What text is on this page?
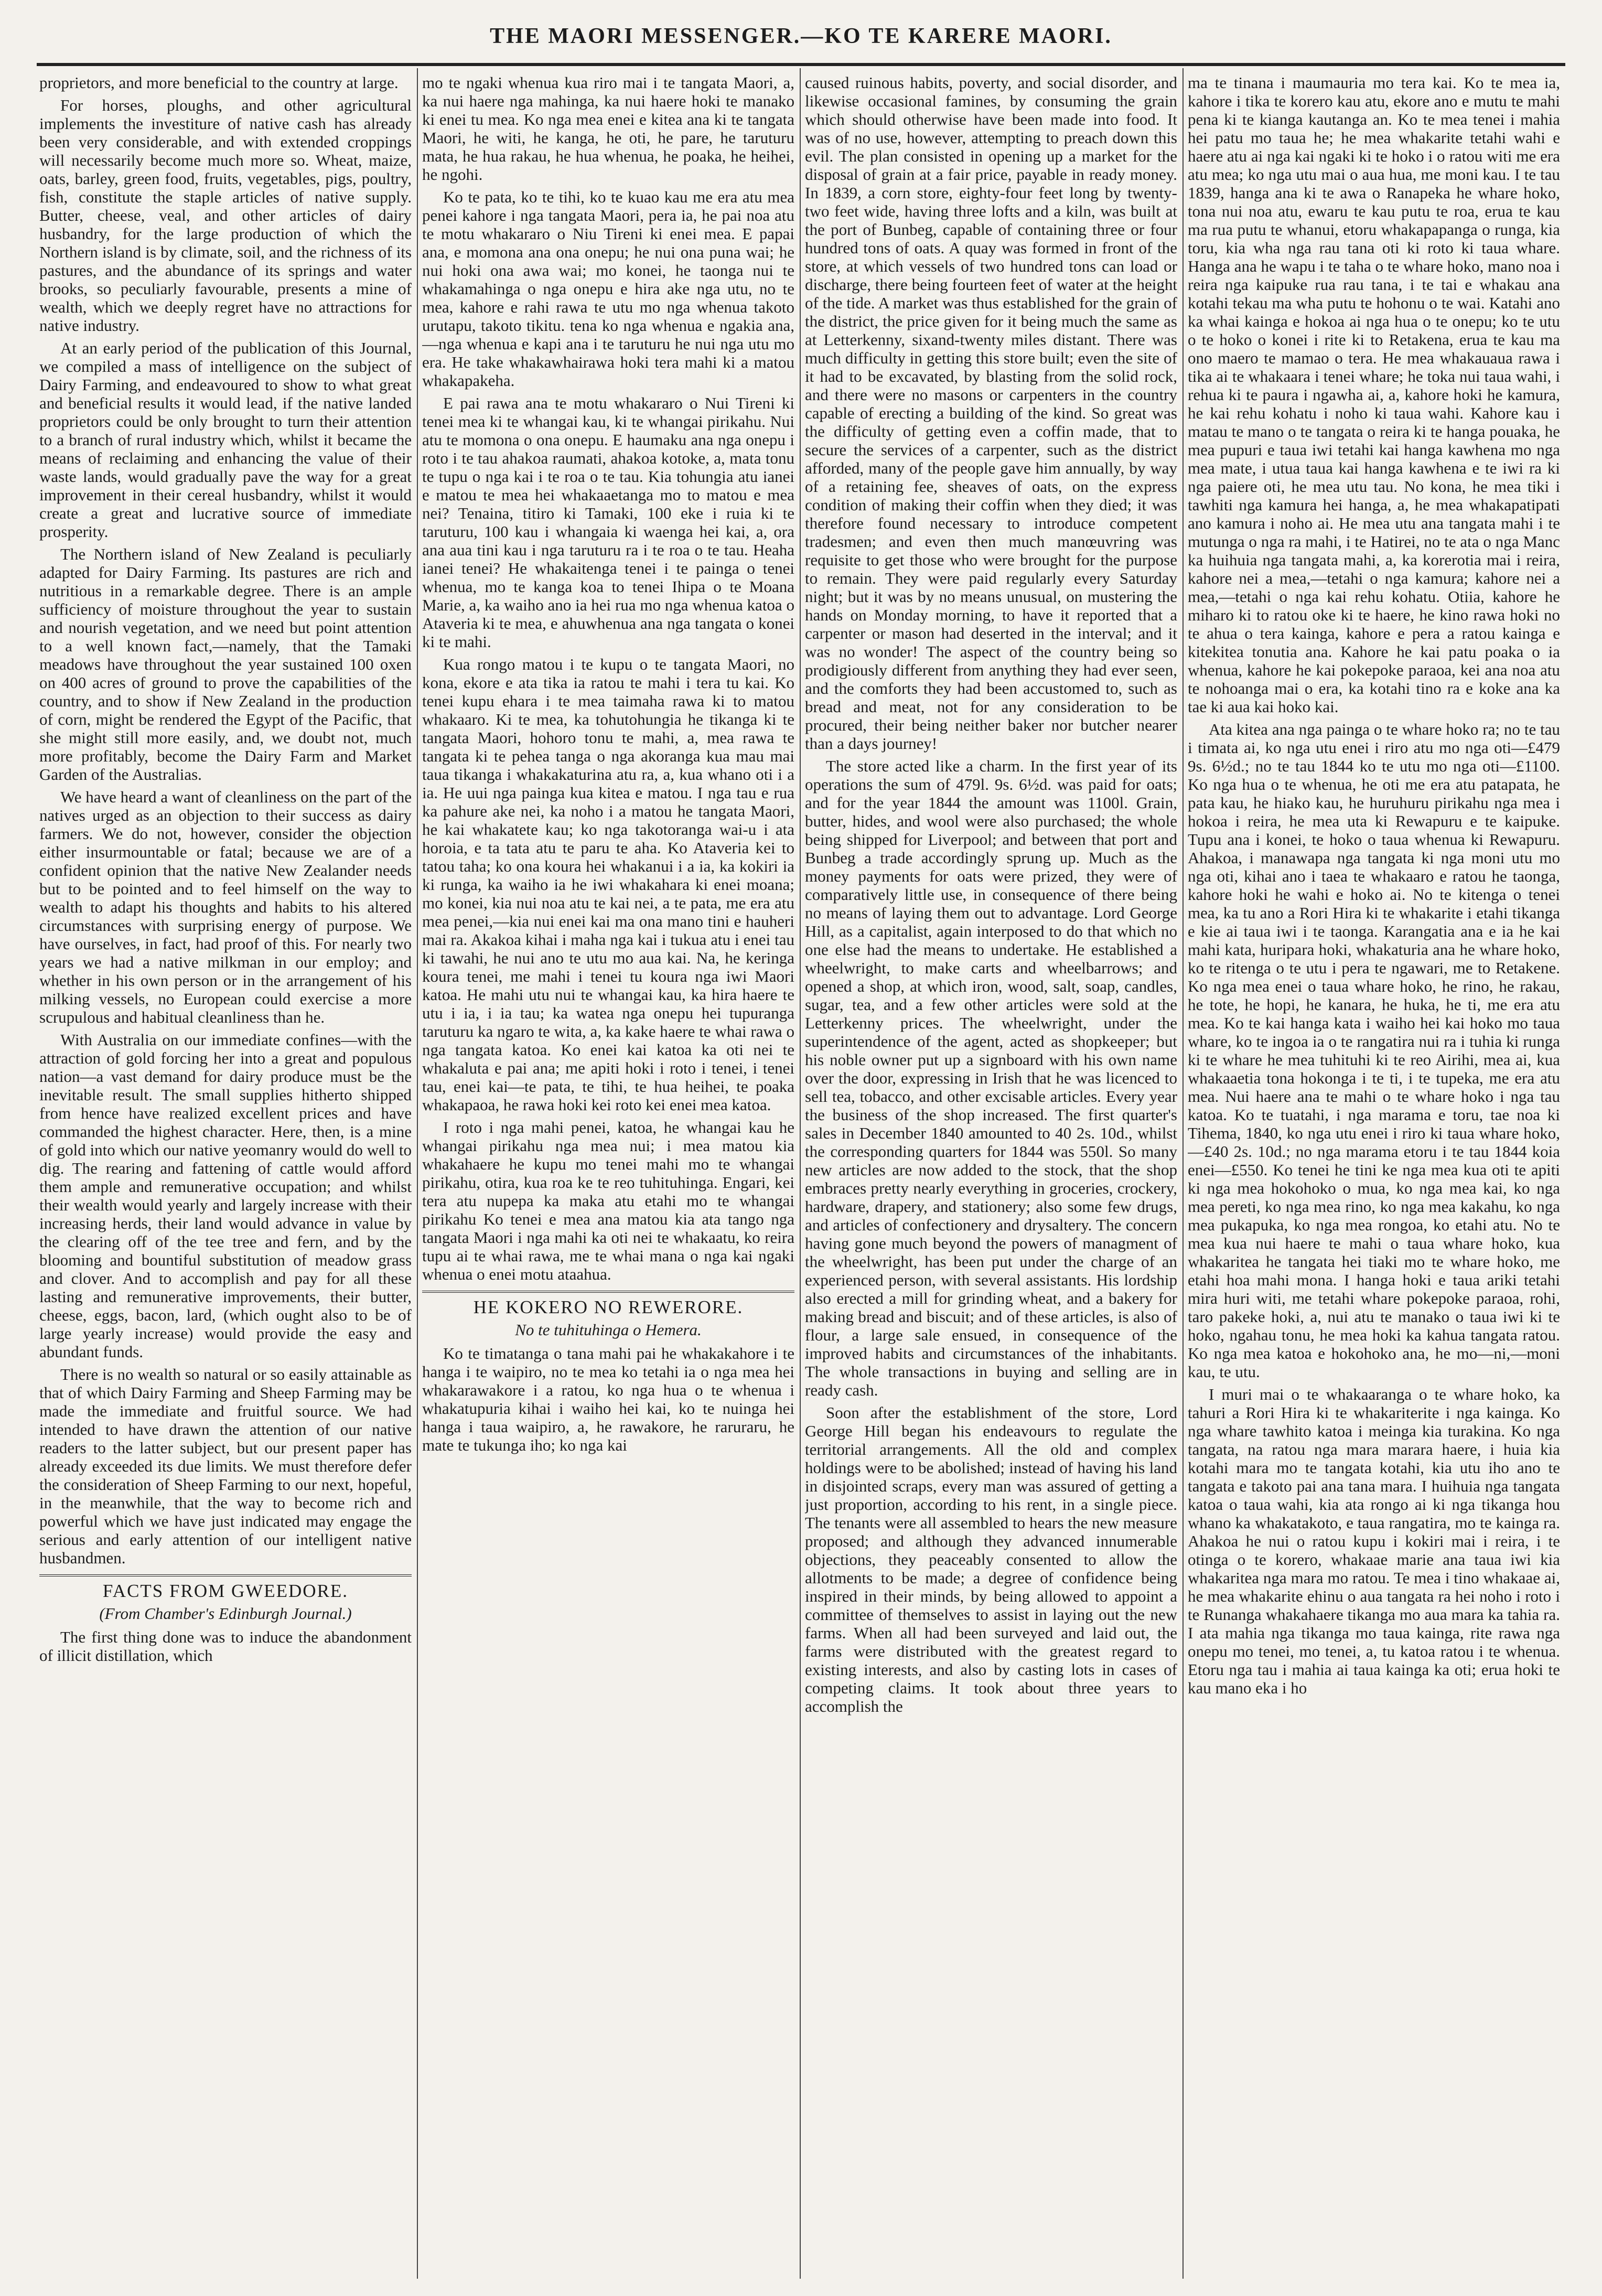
THE MAORI MESSENGER.—KO TE KARERE MAORI.

proprietors, and more beneficial to the country at large.

For horses, ploughs, and other agricultural implements the investiture of native cash has already been very considerable, and with extended croppings will necessarily become much more so. Wheat, maize, oats, barley, green food, fruits, vegetables, pigs, poultry, fish, constitute the staple articles of native supply. Butter, cheese, veal, and other articles of dairy husbandry, for the large production of which the Northern island is by climate, soil, and the richness of its pastures, and the abundance of its springs and water brooks, so peculiarly favourable, presents a mine of wealth, which we deeply regret have no attractions for native industry.

At an early period of the publication of this Journal, we compiled a mass of intelligence on the subject of Dairy Farming, and endeavoured to show to what great and beneficial results it would lead, if the native landed proprietors could be only brought to turn their attention to a branch of rural industry which, whilst it became the means of reclaiming and enhancing the value of their waste lands, would gradually pave the way for a great improvement in their cereal husbandry, whilst it would create a great and lucrative source of immediate prosperity.

The Northern island of New Zealand is peculiarly adapted for Dairy Farming. Its pastures are rich and nutritious in a remarkable degree. There is an ample sufficiency of moisture throughout the year to sustain and nourish vegetation, and we need but point attention to a well known fact,—namely, that the Tamaki meadows have throughout the year sustained 100 oxen on 400 acres of ground to prove the capabilities of the country, and to show if New Zealand in the production of corn, might be rendered the Egypt of the Pacific, that she might still more easily, and, we doubt not, much more profitably, become the Dairy Farm and Market Garden of the Australias.

We have heard a want of cleanliness on the part of the natives urged as an objection to their success as dairy farmers. We do not, however, consider the objection either insurmountable or fatal; because we are of a confident opinion that the native New Zealander needs but to be pointed and to feel himself on the way to wealth to adapt his thoughts and habits to his altered circumstances with surprising energy of purpose. We have ourselves, in fact, had proof of this. For nearly two years we had a native milkman in our employ; and whether in his own person or in the arrangement of his milking vessels, no European could exercise a more scrupulous and habitual cleanliness than he.

With Australia on our immediate confines—with the attraction of gold forcing her into a great and populous nation—a vast demand for dairy produce must be the inevitable result. The small supplies hitherto shipped from hence have realized excellent prices and have commanded the highest character. Here, then, is a mine of gold into which our native yeomanry would do well to dig. The rearing and fattening of cattle would afford them ample and remunerative occupation; and whilst their wealth would yearly and largely increase with their increasing herds, their land would advance in value by the clearing off of the tee tree and fern, and by the blooming and bountiful substitution of meadow grass and clover. And to accomplish and pay for all these lasting and remunerative improvements, their butter, cheese, eggs, bacon, lard, (which ought also to be of large yearly increase) would provide the easy and abundant funds.

There is no wealth so natural or so easily attainable as that of which Dairy Farming and Sheep Farming may be made the immediate and fruitful source. We had intended to have drawn the attention of our native readers to the latter subject, but our present paper has already exceeded its due limits. We must therefore defer the consideration of Sheep Farming to our next, hopeful, in the meanwhile, that the way to become rich and powerful which we have just indicated may engage the serious and early attention of our intelligent native husbandmen.

FACTS FROM GWEEDORE.
(From Chamber's Edinburgh Journal.)

The first thing done was to induce the abandonment of illicit distillation, which

mo te ngaki whenua kua riro mai i te tangata Maori, a, ka nui haere nga mahinga, ka nui haere hoki te manako ki enei tu mea. Ko nga mea enei e kitea ana ki te tangata Maori, he witi, he kanga, he oti, he pare, he taruturu mata, he hua rakau, he hua whenua, he poaka, he heihei, he ngohi.

Ko te pata, ko te tihi, ko te kuao kau me era atu mea penei kahore i nga tangata Maori, pera ia, he pai noa atu te motu whakararo o Niu Tireni ki enei mea. E papai ana, e momona ana ona onepu; he nui ona puna wai; he nui hoki ona awa wai; mo konei, he taonga nui te whakamahinga o nga onepu e hira ake nga utu, no te mea, kahore e rahi rawa te utu mo nga whenua takoto urutapu, takoto tikitu. tena ko nga whenua e ngakia ana,—nga whenua e kapi ana i te taruturu he nui nga utu mo era. He take whakawhairawa hoki tera mahi ki a matou whakapakeha.

E pai rawa ana te motu whakararo o Nui Tireni ki tenei mea ki te whangai kau, ki te whangai pirikahu. Nui atu te momona o ona onepu. E haumaku ana nga onepu i roto i te tau ahakoa raumati, ahakoa kotoke, a, mata tonu te tupu o nga kai i te roa o te tau. Kia tohungia atu ianei e matou te mea hei whakaaetanga mo to matou e mea nei? Tenaina, titiro ki Tamaki, 100 eke i ruia ki te taruturu, 100 kau i whangaia ki waenga hei kai, a, ora ana aua tini kau i nga taruturu ra i te roa o te tau. Heaha ianei tenei? He whakaitenga tenei i te painga o tenei whenua, mo te kanga koa to tenei Ihipa o te Moana Marie, a, ka waiho ano ia hei rua mo nga whenua katoa o Ataveria ki te mea, e ahuwhenua ana nga tangata o konei ki te mahi.

Kua rongo matou i te kupu o te tangata Maori, no kona, ekore e ata tika ia ratou te mahi i tera tu kai. Ko tenei kupu ehara i te mea taimaha rawa ki to matou whakaaro. Ki te mea, ka tohutohungia he tikanga ki te tangata Maori, hohoro tonu te mahi, a, mea rawa te tangata ki te pehea tanga o nga akoranga kua mau mai taua tikanga i whakakaturina atu ra, a, kua whano oti i a ia. He uui nga painga kua kitea e matou. I nga tau e rua ka pahure ake nei, ka noho i a matou he tangata Maori, he kai whakatete kau; ko nga takotoranga wai-u i ata horoia, e ta tata atu te paru te aha. Ko Ataveria kei to tatou taha; ko ona koura hei whakanui i a ia, ka kokiri ia ki runga, ka waiho ia he iwi whakahara ki enei moana; mo konei, kia nui noa atu te kai nei, a te pata, me era atu mea penei,—kia nui enei kai ma ona mano tini e hauheri mai ra. Akakoa kihai i maha nga kai i tukua atu i enei tau ki tawahi, he nui ano te utu mo aua kai. Na, he keringa koura tenei, me mahi i tenei tu koura nga iwi Maori katoa. He mahi utu nui te whangai kau, ka hira haere te utu i ia, i ia tau; ka watea nga onepu hei tupuranga taruturu ka ngaro te wita, a, ka kake haere te whai rawa o nga tangata katoa. Ko enei kai katoa ka oti nei te whakaluta e pai ana; me apiti hoki i roto i tenei, i tenei tau, enei kai—te pata, te tihi, te hua heihei, te poaka whakapaoa, he rawa hoki kei roto kei enei mea katoa.

I roto i nga mahi penei, katoa, he whangai kau he whangai pirikahu nga mea nui; i mea matou kia whakahaere he kupu mo tenei mahi mo te whangai pirikahu, otira, kua roa ke te reo tuhituhinga. Engari, kei tera atu nupepa ka maka atu etahi mo te whangai pirikahu Ko tenei e mea ana matou kia ata tango nga tangata Maori i nga mahi ka oti nei te whakaatu, ko reira tupu ai te whai rawa, me te whai mana o nga kai ngaki whenua o enei motu ataahua.

HE KOKERO NO REWERORE.
No te tuhituhinga o Hemera.

Ko te timatanga o tana mahi pai he whakakahore i te hanga i te waipiro, no te mea ko tetahi ia o nga mea hei whakarawakore i a ratou, ko nga hua o te whenua i whakatupuria kihai i waiho hei kai, ko te nuinga hei hanga i taua waipiro, a, he rawakore, he raruraru, he mate te tukunga iho; ko nga kai

caused ruinous habits, poverty, and social disorder, and likewise occasional famines, by consuming the grain which should otherwise have been made into food. It was of no use, however, attempting to preach down this evil. The plan consisted in opening up a market for the disposal of grain at a fair price, payable in ready money. In 1839, a corn store, eighty-four feet long by twenty-two feet wide, having three lofts and a kiln, was built at the port of Bunbeg, capable of containing three or four hundred tons of oats. A quay was formed in front of the store, at which vessels of two hundred tons can load or discharge, there being fourteen feet of water at the height of the tide. A market was thus established for the grain of the district, the price given for it being much the same as at Letterkenny, sixand-twenty miles distant. There was much difficulty in getting this store built; even the site of it had to be excavated, by blasting from the solid rock, and there were no masons or carpenters in the country capable of erecting a building of the kind. So great was the difficulty of getting even a coffin made, that to secure the services of a carpenter, such as the district afforded, many of the people gave him annually, by way of a retaining fee, sheaves of oats, on the express condition of making their coffin when they died; it was therefore found necessary to introduce competent tradesmen; and even then much manœuvring was requisite to get those who were brought for the purpose to remain. They were paid regularly every Saturday night; but it was by no means unusual, on mustering the hands on Monday morning, to have it reported that a carpenter or mason had deserted in the interval; and it was no wonder! The aspect of the country being so prodigiously different from anything they had ever seen, and the comforts they had been accustomed to, such as bread and meat, not for any consideration to be procured, their being neither baker nor butcher nearer than a days journey!

The store acted like a charm. In the first year of its operations the sum of 479l. 9s. 6½d. was paid for oats; and for the year 1844 the amount was 1100l. Grain, butter, hides, and wool were also purchased; the whole being shipped for Liverpool; and between that port and Bunbeg a trade accordingly sprung up. Much as the money payments for oats were prized, they were of comparatively little use, in consequence of there being no means of laying them out to advantage. Lord George Hill, as a capitalist, again interposed to do that which no one else had the means to undertake. He established a wheelwright, to make carts and wheelbarrows; and opened a shop, at which iron, wood, salt, soap, candles, sugar, tea, and a few other articles were sold at the Letterkenny prices. The wheelwright, under the superintendence of the agent, acted as shopkeeper; but his noble owner put up a signboard with his own name over the door, expressing in Irish that he was licenced to sell tea, tobacco, and other excisable articles. Every year the business of the shop increased. The first quarter's sales in December 1840 amounted to 40 2s. 10d., whilst the corresponding quarters for 1844 was 550l. So many new articles are now added to the stock, that the shop embraces pretty nearly everything in groceries, crockery, hardware, drapery, and stationery; also some few drugs, and articles of confectionery and drysaltery. The concern having gone much beyond the powers of managment of the wheelwright, has been put under the charge of an experienced person, with several assistants. His lordship also erected a mill for grinding wheat, and a bakery for making bread and biscuit; and of these articles, is also of flour, a large sale ensued, in consequence of the improved habits and circumstances of the inhabitants. The whole transactions in buying and selling are in ready cash.

Soon after the establishment of the store, Lord George Hill began his endeavours to regulate the territorial arrangements. All the old and complex holdings were to be abolished; instead of having his land in disjointed scraps, every man was assured of getting a just proportion, according to his rent, in a single piece. The tenants were all assembled to hears the new measure proposed; and although they advanced innumerable objections, they peaceably consented to allow the allotments to be made; a degree of confidence being inspired in their minds, by being allowed to appoint a committee of themselves to assist in laying out the new farms. When all had been surveyed and laid out, the farms were distributed with the greatest regard to existing interests, and also by casting lots in cases of competing claims. It took about three years to accomplish the

ma te tinana i maumauria mo tera kai. Ko te mea ia, kahore i tika te korero kau atu, ekore ano e mutu te mahi pena ki te kianga kautanga an. Ko te mea tenei i mahia hei patu mo taua he; he mea whakarite tetahi wahi e haere atu ai nga kai ngaki ki te hoko i o ratou witi me era atu mea; ko nga utu mai o aua hua, me moni kau. I te tau 1839, hanga ana ki te awa o Ranapeka he whare hoko, tona nui noa atu, ewaru te kau putu te roa, erua te kau ma rua putu te whanui, etoru whakapapanga o runga, kia toru, kia wha nga rau tana oti ki roto ki taua whare. Hanga ana he wapu i te taha o te whare hoko, mano noa i reira nga kaipuke rua rau tana, i te tai e whakau ana kotahi tekau ma wha putu te hohonu o te wai. Katahi ano ka whai kainga e hokoa ai nga hua o te onepu; ko te utu o te hoko o konei i rite ki to Retakena, erua te kau ma ono maero te mamao o tera. He mea whakauaua rawa i tika ai te whakaara i tenei whare; he toka nui taua wahi, i rehua ki te paura i ngawha ai, a, kahore hoki he kamura, he kai rehu kohatu i noho ki taua wahi. Kahore kau i matau te mano o te tangata o reira ki te hanga pouaka, he mea pupuri e taua iwi tetahi kai hanga kawhena mo nga mea mate, i utua taua kai hanga kawhena e te iwi ra ki nga paiere oti, he mea utu tau. No kona, he mea tiki i tawhiti nga kamura hei hanga, a, he mea whakapatipati ano kamura i noho ai. He mea utu ana tangata mahi i te mutunga o nga ra mahi, i te Hatirei, no te ata o nga Manc ka huihuia nga tangata mahi, a, ka korerotia mai i reira, kahore nei a mea,—tetahi o nga kamura; kahore nei a mea,—tetahi o nga kai rehu kohatu. Otiia, kahore he miharo ki to ratou oke ki te haere, he kino rawa hoki no te ahua o tera kainga, kahore e pera a ratou kainga e kitekitea tonutia ana. Kahore he kai patu poaka o ia whenua, kahore he kai pokepoke paraoa, kei ana noa atu te nohoanga mai o era, ka kotahi tino ra e koke ana ka tae ki aua kai hoko kai.

Ata kitea ana nga painga o te whare hoko ra; no te tau i timata ai, ko nga utu enei i riro atu mo nga oti—£479 9s. 6½d.; no te tau 1844 ko te utu mo nga oti—£1100. Ko nga hua o te whenua, he oti me era atu patapata, he pata kau, he hiako kau, he huruhuru pirikahu nga mea i hokoa i reira, he mea uta ki Rewapuru e te kaipuke. Tupu ana i konei, te hoko o taua whenua ki Rewapuru. Ahakoa, i manawapa nga tangata ki nga moni utu mo nga oti, kihai ano i taea te whakaaro e ratou he taonga, kahore hoki he wahi e hoko ai. No te kitenga o tenei mea, ka tu ano a Rori Hira ki te whakarite i etahi tikanga e kie ai taua iwi i te taonga. Karangatia ana e ia he kai mahi kata, huripara hoki, whakaturia ana he whare hoko, ko te ritenga o te utu i pera te ngawari, me to Retakene. Ko nga mea enei o taua whare hoko, he rino, he rakau, he tote, he hopi, he kanara, he huka, he ti, me era atu mea. Ko te kai hanga kata i waiho hei kai hoko mo taua whare, ko te ingoa ia o te rangatira nui ra i tuhia ki runga ki te whare he mea tuhituhi ki te reo Airihi, mea ai, kua whakaaetia tona hokonga i te ti, i te tupeka, me era atu mea. Nui haere ana te mahi o te whare hoko i nga tau katoa. Ko te tuatahi, i nga marama e toru, tae noa ki Tihema, 1840, ko nga utu enei i riro ki taua whare hoko,—£40 2s. 10d.; no nga marama etoru i te tau 1844 koia enei—£550. Ko tenei he tini ke nga mea kua oti te apiti ki nga mea hokohoko o mua, ko nga mea kai, ko nga mea pereti, ko nga mea rino, ko nga mea kakahu, ko nga mea pukapuka, ko nga mea rongoa, ko etahi atu. No te mea kua nui haere te mahi o taua whare hoko, kua whakaritea he tangata hei tiaki mo te whare hoko, me etahi hoa mahi mona. I hanga hoki e taua ariki tetahi mira huri witi, me tetahi whare pokepoke paraoa, rohi, taro pakeke hoki, a, nui atu te manako o taua iwi ki te hoko, ngahau tonu, he mea hoki ka kahua tangata ratou. Ko nga mea katoa e hokohoko ana, he mo—ni,—moni kau, te utu.

I muri mai o te whakaaranga o te whare hoko, ka tahuri a Rori Hira ki te whakariterite i nga kainga. Ko nga whare tawhito katoa i meinga kia turakina. Ko nga tangata, na ratou nga mara marara haere, i huia kia kotahi mara mo te tangata kotahi, kia utu iho ano te tangata e takoto pai ana tana mara. I huihuia nga tangata katoa o taua wahi, kia ata rongo ai ki nga tikanga hou whano ka whakatakoto, e taua rangatira, mo te kainga ra. Ahakoa he nui o ratou kupu i kokiri mai i reira, i te otinga o te korero, whakaae marie ana taua iwi kia whakaritea nga mara mo ratou. Te mea i tino whakaae ai, he mea whakarite ehinu o aua tangata ra hei noho i roto i te Runanga whakahaere tikanga mo aua mara ka tahia ra. I ata mahia nga tikanga mo taua kainga, rite rawa nga onepu mo tenei, mo tenei, a, tu katoa ratou i te whenua. Etoru nga tau i mahia ai taua kainga ka oti; erua hoki te kau mano eka i ho
